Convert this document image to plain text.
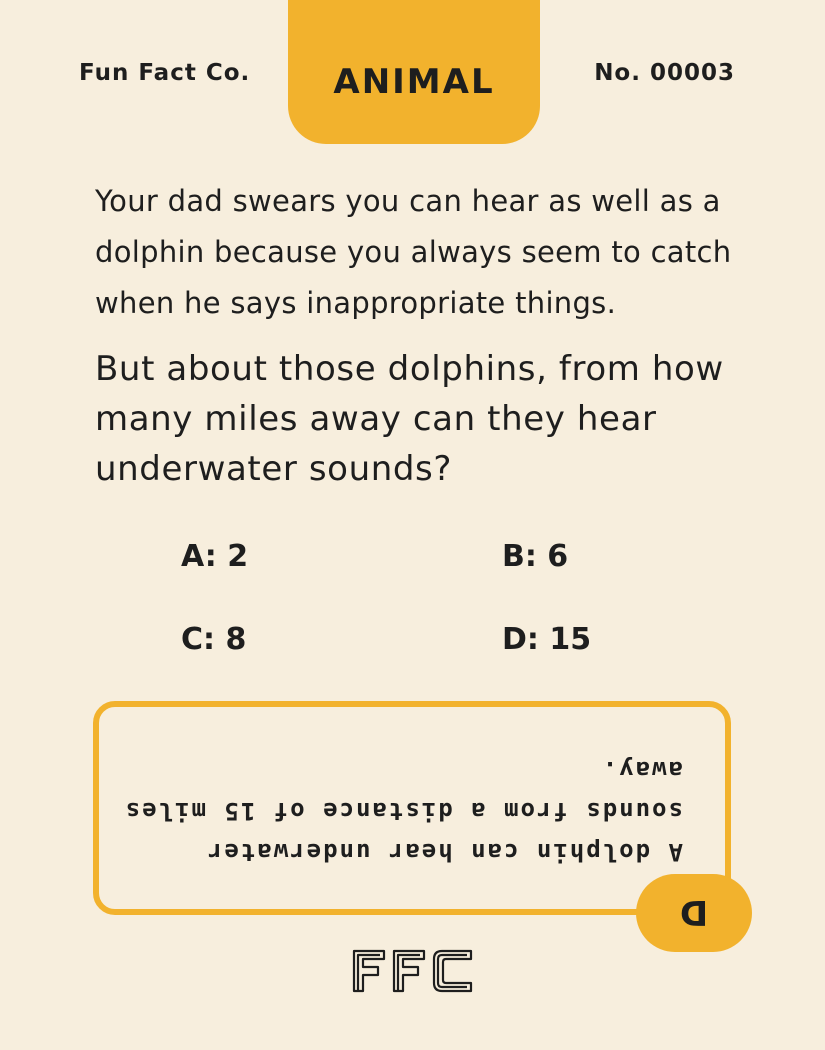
Fun Fact Co.	ANIMAL	No. 00003

Your dad swears you can hear as well as a dolphin because you always seem to catch when he says inappropriate things.

But about those dolphins, from how many miles away can they hear underwater sounds?

A: 2	B: 6
C: 8	D: 15

A dolphin can hear underwater sounds from a distance of 15 miles away.

D
